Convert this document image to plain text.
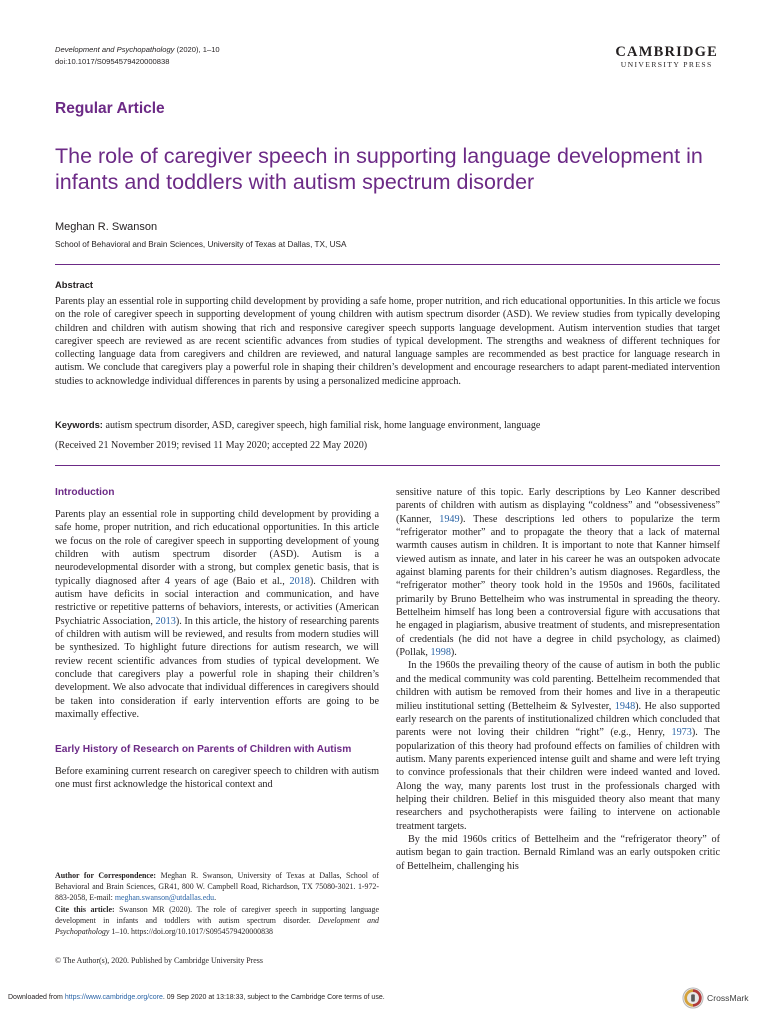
Development and Psychopathology (2020), 1–10
doi:10.1017/S0954579420000838
CAMBRIDGE
UNIVERSITY PRESS
Regular Article
The role of caregiver speech in supporting language development in
infants and toddlers with autism spectrum disorder
Meghan R. Swanson
School of Behavioral and Brain Sciences, University of Texas at Dallas, TX, USA
Abstract
Parents play an essential role in supporting child development by providing a safe home, proper nutrition, and rich educational opportunities. In this article we focus on the role of caregiver speech in supporting development of young children with autism spectrum disorder (ASD). We review studies from typically developing children and children with autism showing that rich and responsive caregiver speech supports language development. Autism intervention studies that target caregiver speech are reviewed as are recent scientific advances from studies of typical development. The strengths and weakness of different techniques for collecting language data from caregivers and children are reviewed, and natural language samples are recommended as best practice for language research in autism. We conclude that caregivers play a powerful role in shaping their children’s development and encourage researchers to adapt parent-mediated intervention studies to acknowledge individual differences in parents by using a personalized medicine approach.
Keywords: autism spectrum disorder, ASD, caregiver speech, high familial risk, home language environment, language
(Received 21 November 2019; revised 11 May 2020; accepted 22 May 2020)
Introduction

Parents play an essential role in supporting child development by providing a safe home, proper nutrition, and rich educational opportunities. In this article we focus on the role of caregiver speech in supporting development of young children with autism spectrum disorder (ASD). Autism is a neurodevelopmental disorder with a strong, but complex genetic basis, that is typically diagnosed after 4 years of age (Baio et al., 2018). Children with autism have deficits in social interaction and communication, and have restrictive or repetitive patterns of behaviors, interests, or activities (American Psychiatric Association, 2013). In this article, the history of researching parents of children with autism will be reviewed, and results from modern studies will be synthesized. To highlight future directions for autism research, we will review recent scientific advances from studies of typical development. We conclude that caregivers play a powerful role in shaping their children’s development. We also advocate that individual differences in caregivers should be taken into consideration if early intervention efforts are going to be maximally effective.

Early History of Research on Parents of Children with Autism

Before examining current research on caregiver speech to children with autism one must first acknowledge the historical context and

sensitive nature of this topic. Early descriptions by Leo Kanner described parents of children with autism as displaying “coldness” and “obsessiveness” (Kanner, 1949). These descriptions led others to popularize the term “refrigerator mother” and to propagate the theory that a lack of maternal warmth causes autism in children. It is important to note that Kanner himself viewed autism as innate, and later in his career he was an outspoken advocate against blaming parents for their children’s autism diagnoses. Regardless, the “refrigerator mother” theory took hold in the 1950s and 1960s, facilitated primarily by Bruno Bettelheim who was instrumental in spreading the theory. Bettelheim himself has long been a controversial figure with accusations that he engaged in plagiarism, abusive treatment of students, and misrepresentation of credentials (he did not have a degree in child psychology, as claimed) (Pollak, 1998).

In the 1960s the prevailing theory of the cause of autism in both the public and the medical community was cold parenting. Bettelheim recommended that children with autism be removed from their homes and live in a therapeutic milieu institutional setting (Bettelheim & Sylvester, 1948). He also supported early research on the parents of institutionalized children which concluded that parents were not loving their children “right” (e.g., Henry, 1973). The popularization of this theory had profound effects on families of children with autism. Many parents experienced intense guilt and shame and were left trying to convince professionals that their children were indeed wanted and loved. Along the way, many parents lost trust in the professionals charged with helping their children. Belief in this misguided theory also meant that many researchers and psychotherapists were failing to intervene on actionable treatment targets.

By the mid 1960s critics of Bettelheim and the “refrigerator theory” of autism began to gain traction. Bernald Rimland was an early outspoken critic of Bettelheim, challenging his

Author for Correspondence: Meghan R. Swanson, University of Texas at Dallas, School of Behavioral and Brain Sciences, GR41, 800 W. Campbell Road, Richardson, TX 75080-3021. 1-972-883-2058, E-mail: meghan.swanson@utdallas.edu.
Cite this article: Swanson MR (2020). The role of caregiver speech in supporting language development in infants and toddlers with autism spectrum disorder. Development and Psychopathology 1–10. https://doi.org/10.1017/S0954579420000838
© The Author(s), 2020. Published by Cambridge University Press
Downloaded from https://www.cambridge.org/core. 09 Sep 2020 at 13:18:33, subject to the Cambridge Core terms of use.	CrossMark
